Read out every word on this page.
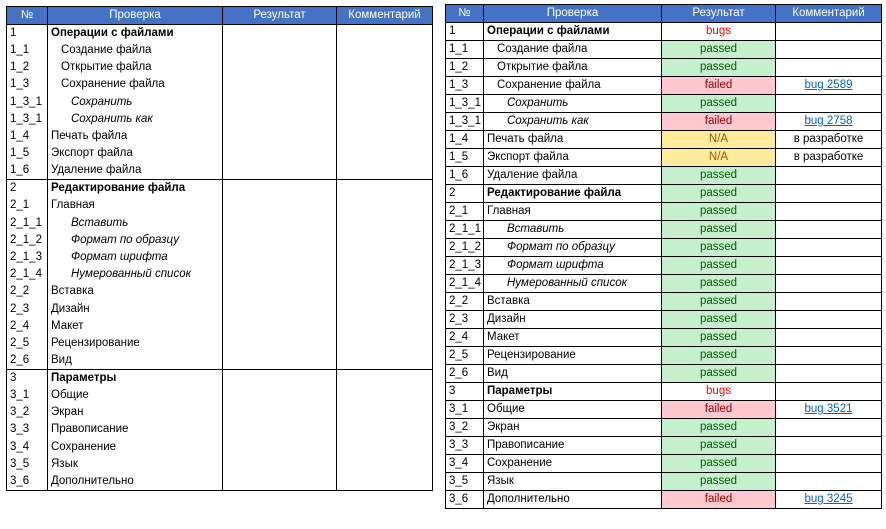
№	Проверка	Результат	Комментарий
1	Операции с файлами		
1_1	Создание файла		
1_2	Открытие файла		
1_3	Сохранение файла		
1_3_1	Сохранить		
1_3_1	Сохранить как		
1_4	Печать файла		
1_5	Экспорт файла		
1_6	Удаление файла		
2	Редактирование файла		
2_1	Главная		
2_1_1	Вставить		
2_1_2	Формат по образцу		
2_1_3	Формат шрифта		
2_1_4	Нумерованный список		
2_2	Вставка		
2_3	Дизайн		
2_4	Макет		
2_5	Рецензирование		
2_6	Вид		
3	Параметры		
3_1	Общие		
3_2	Экран		
3_3	Правописание		
3_4	Сохранение		
3_5	Язык		
3_6	Дополнительно		
№	Проверка	Результат	Комментарий
1	Операции с файлами	bugs	
1_1	Создание файла	passed	
1_2	Открытие файла	passed	
1_3	Сохранение файла	failed	bug 2589
1_3_1	Сохранить	passed	
1_3_1	Сохранить как	failed	bug 2758
1_4	Печать файла	N/A	в разработке
1_5	Экспорт файла	N/A	в разработке
1_6	Удаление файла	passed	
2	Редактирование файла	passed	
2_1	Главная	passed	
2_1_1	Вставить	passed	
2_1_2	Формат по образцу	passed	
2_1_3	Формат шрифта	passed	
2_1_4	Нумерованный список	passed	
2_2	Вставка	passed	
2_3	Дизайн	passed	
2_4	Макет	passed	
2_5	Рецензирование	passed	
2_6	Вид	passed	
3	Параметры	bugs	
3_1	Общие	failed	bug 3521
3_2	Экран	passed	
3_3	Правописание	passed	
3_4	Сохранение	passed	
3_5	Язык	passed	
3_6	Дополнительно	failed	bug 3245
